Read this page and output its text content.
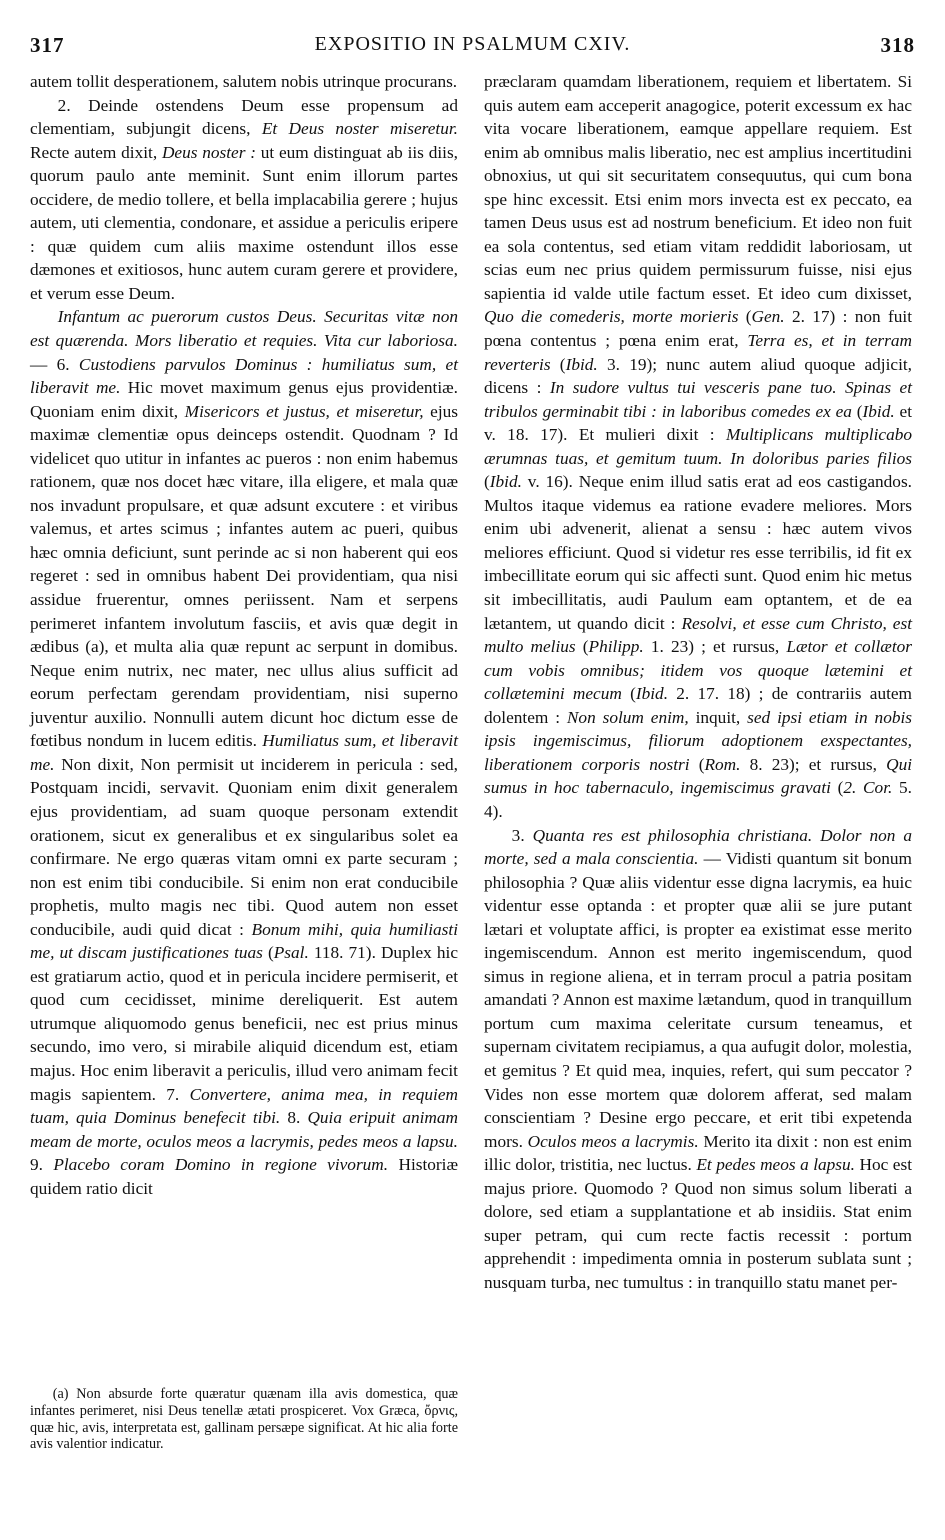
317	EXPOSITIO IN PSALMUM CXIV.	318

autem tollit desperationem, salutem nobis utrinque procurans.

2. Deinde ostendens Deum esse propensum ad clementiam, subjungit dicens, Et Deus noster miseretur. Recte autem dixit, Deus noster : ut eum distinguat ab iis diis, quorum paulo ante meminit. Sunt enim illorum partes occidere, de medio tollere, et bella implacabilia gerere ; hujus autem, uti clementia, condonare, et assidue a periculis eripere : quæ quidem cum aliis maxime ostendunt illos esse dæmones et exitiosos, hunc autem curam gerere et providere, et verum esse Deum.

Infantum ac puerorum custos Deus. Securitas vitæ non est quærenda. Mors liberatio et requies. Vita cur laboriosa. — 6. Custodiens parvulos Dominus : humiliatus sum, et liberavit me. Hic movet maximum genus ejus providentiæ. Quoniam enim dixit, Misericors et justus, et miseretur, ejus maximæ clementiæ opus deinceps ostendit. Quodnam ? Id videlicet quo utitur in infantes ac pueros : non enim habemus rationem, quæ nos docet hæc vitare, illa eligere, et mala quæ nos invadunt propulsare, et quæ adsunt excutere : et viribus valemus, et artes scimus ; infantes autem ac pueri, quibus hæc omnia deficiunt, sunt perinde ac si non haberent qui eos regeret : sed in omnibus habent Dei providentiam, qua nisi assidue fruerentur, omnes periissent. Nam et serpens perimeret infantem involutum fasciis, et avis quæ degit in ædibus (a), et multa alia quæ repunt ac serpunt in domibus. Neque enim nutrix, nec mater, nec ullus alius sufficit ad eorum perfectam gerendam providentiam, nisi superno juventur auxilio. Nonnulli autem dicunt hoc dictum esse de fœtibus nondum in lucem editis. Humiliatus sum, et liberavit me. Non dixit, Non permisit ut inciderem in pericula : sed, Postquam incidi, servavit. Quoniam enim dixit generalem ejus providentiam, ad suam quoque personam extendit orationem, sicut ex generalibus et ex singularibus solet ea confirmare. Ne ergo quæras vitam omni ex parte securam ; non est enim tibi conducibile. Si enim non erat conducibile prophetis, multo magis nec tibi. Quod autem non esset conducibile, audi quid dicat : Bonum mihi, quia humiliasti me, ut discam justificationes tuas (Psal. 118. 71). Duplex hic est gratiarum actio, quod et in pericula incidere permiserit, et quod cum cecidisset, minime dereliquerit. Est autem utrumque aliquomodo genus beneficii, nec est prius minus secundo, imo vero, si mirabile aliquid dicendum est, etiam majus. Hoc enim liberavit a periculis, illud vero animam fecit magis sapientem. 7. Convertere, anima mea, in requiem tuam, quia Dominus benefecit tibi. 8. Quia eripuit animam meam de morte, oculos meos a lacrymis, pedes meos a lapsu. 9. Placebo coram Domino in regione vivorum. Historiæ quidem ratio dicit

præclaram quamdam liberationem, requiem et libertatem. Si quis autem eam acceperit anagogice, poterit excessum ex hac vita vocare liberationem, eamque appellare requiem. Est enim ab omnibus malis liberatio, nec est amplius incertitudini obnoxius, ut qui sit securitatem consequutus, qui cum bona spe hinc excessit. Etsi enim mors invecta est ex peccato, ea tamen Deus usus est ad nostrum beneficium. Et ideo non fuit ea sola contentus, sed etiam vitam reddidit laboriosam, ut scias eum nec prius quidem permissurum fuisse, nisi ejus sapientia id valde utile factum esset. Et ideo cum dixisset, Quo die comederis, morte morieris (Gen. 2. 17) : non fuit pœna contentus ; pœna enim erat, Terra es, et in terram reverteris (Ibid. 3. 19); nunc autem aliud quoque adjicit, dicens : In sudore vultus tui vesceris pane tuo. Spinas et tribulos germinabit tibi : in laboribus comedes ex ea (Ibid. et v. 18. 17). Et mulieri dixit : Multiplicans multiplicabo ærumnas tuas, et gemitum tuum. In doloribus paries filios (Ibid. v. 16). Neque enim illud satis erat ad eos castigandos. Multos itaque videmus ea ratione evadere meliores. Mors enim ubi advenerit, alienat a sensu : hæc autem vivos meliores efficiunt. Quod si videtur res esse terribilis, id fit ex imbecillitate eorum qui sic affecti sunt. Quod enim hic metus sit imbecillitatis, audi Paulum eam optantem, et de ea lætantem, ut quando dicit : Resolvi, et esse cum Christo, est multo melius (Philipp. 1. 23) ; et rursus, Lætor et collætor cum vobis omnibus; itidem vos quoque lætemini et collætemini mecum (Ibid. 2. 17. 18) ; de contrariis autem dolentem : Non solum enim, inquit, sed ipsi etiam in nobis ipsis ingemiscimus, filiorum adoptionem exspectantes, liberationem corporis nostri (Rom. 8. 23); et rursus, Qui sumus in hoc tabernaculo, ingemiscimus gravati (2. Cor. 5. 4).

3. Quanta res est philosophia christiana. Dolor non a morte, sed a mala conscientia. — Vidisti quantum sit bonum philosophia ? Quæ aliis videntur esse digna lacrymis, ea huic videntur esse optanda : et propter quæ alii se jure putant lætari et voluptate affici, is propter ea existimat esse merito ingemiscendum. Annon est merito ingemiscendum, quod simus in regione aliena, et in terram procul a patria positam amandati ? Annon est maxime lætandum, quod in tranquillum portum cum maxima celeritate cursum teneamus, et supernam civitatem recipiamus, a qua aufugit dolor, molestia, et gemitus ? Et quid mea, inquies, refert, qui sum peccator ? Vides non esse mortem quæ dolorem afferat, sed malam conscientiam ? Desine ergo peccare, et erit tibi expetenda mors. Oculos meos a lacrymis. Merito ita dixit : non est enim illic dolor, tristitia, nec luctus. Et pedes meos a lapsu. Hoc est majus priore. Quomodo ? Quod non simus solum liberati a dolore, sed etiam a supplantatione et ab insidiis. Stat enim super petram, qui cum recte factis recessit : portum apprehendit : impedimenta omnia in posterum sublata sunt ; nusquam turba, nec tumultus : in tranquillo statu manet per-

(a) Non absurde forte quæratur quænam illa avis domestica, quæ infantes perimeret, nisi Deus tenellæ ætati prospiceret. Vox Græca, ὄρνις, quæ hic, avis, interpretata est, gallinam persæpe significat. At hic alia forte avis valentior indicatur.
